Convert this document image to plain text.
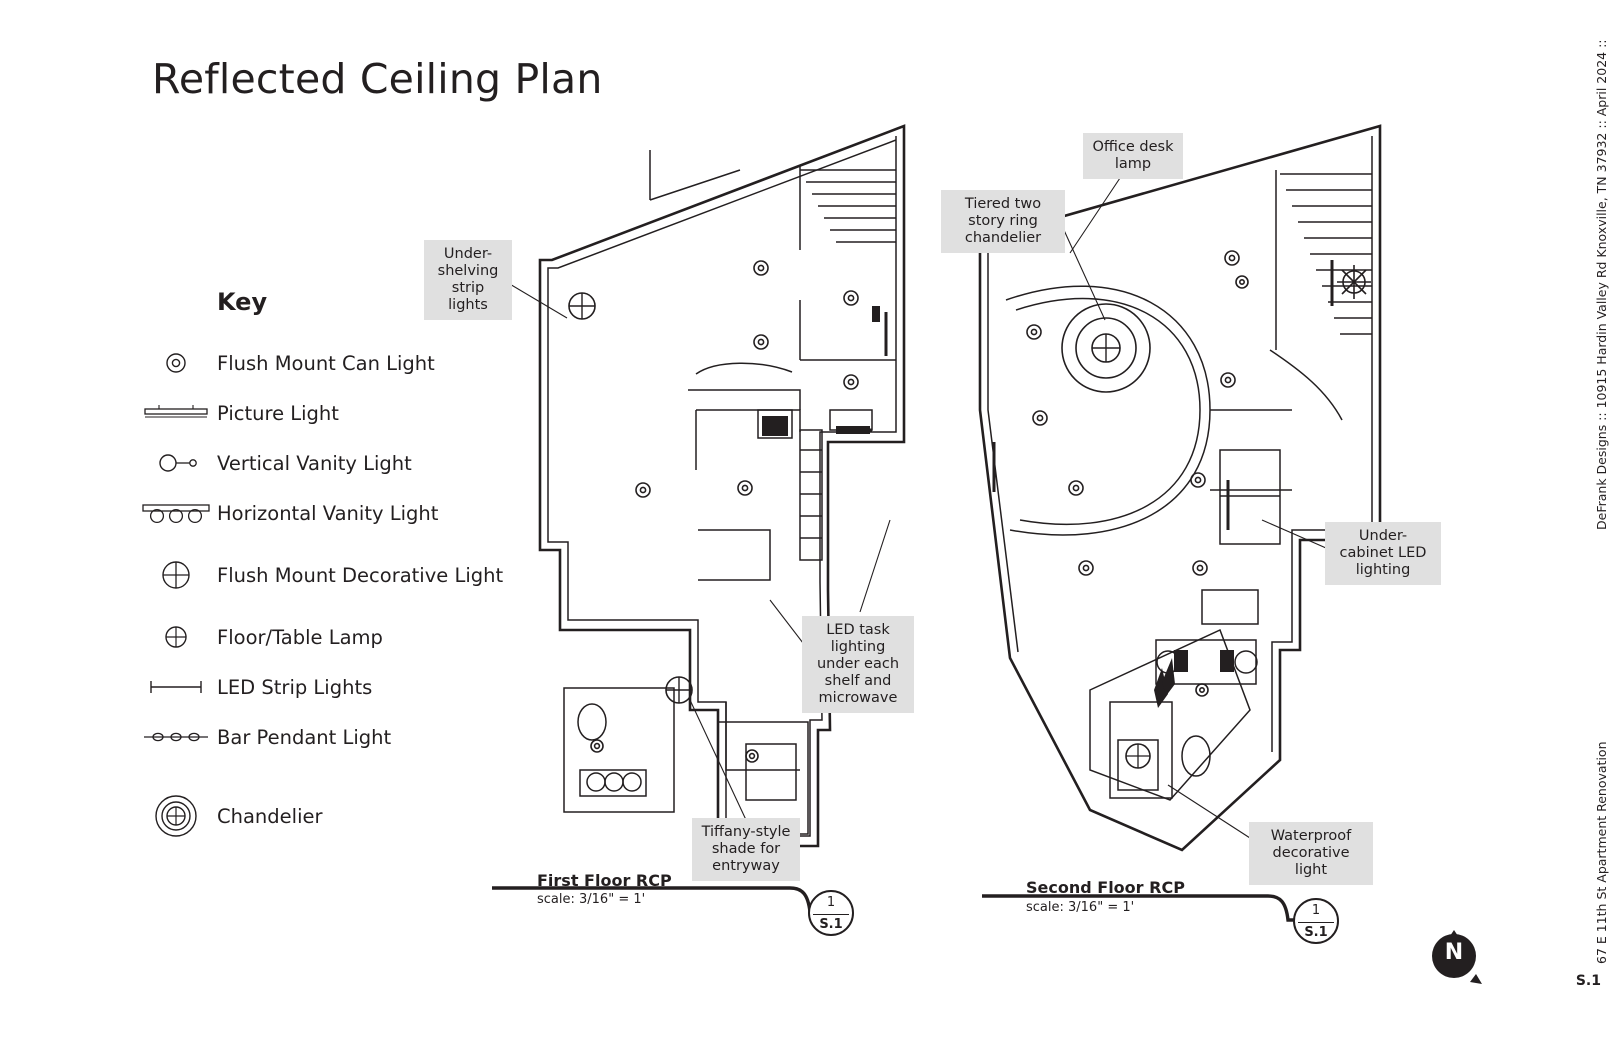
Reflected Ceiling Plan
Key
Flush Mount Can Light
Picture Light
Vertical Vanity Light
Horizontal Vanity Light
Flush Mount Decorative Light
Floor/Table Lamp
LED Strip Lights
Bar Pendant Light
Chandelier
Under-shelving strip lights
LED task lighting under each shelf and microwave
Tiffany-style shade for entryway
Tiered two story ring chandelier
Office desk lamp
Under-cabinet LED lighting
Waterproof decorative light
First Floor RCP
scale: 3/16" = 1'	1
S.1
Second Floor RCP
scale: 3/16" = 1'	1
S.1
N
DeFrank Designs :: 10915 Hardin Valley Rd Knoxville, TN 37932 :: April 2024 ::
67 E 11th St Apartment Renovation
S.1
